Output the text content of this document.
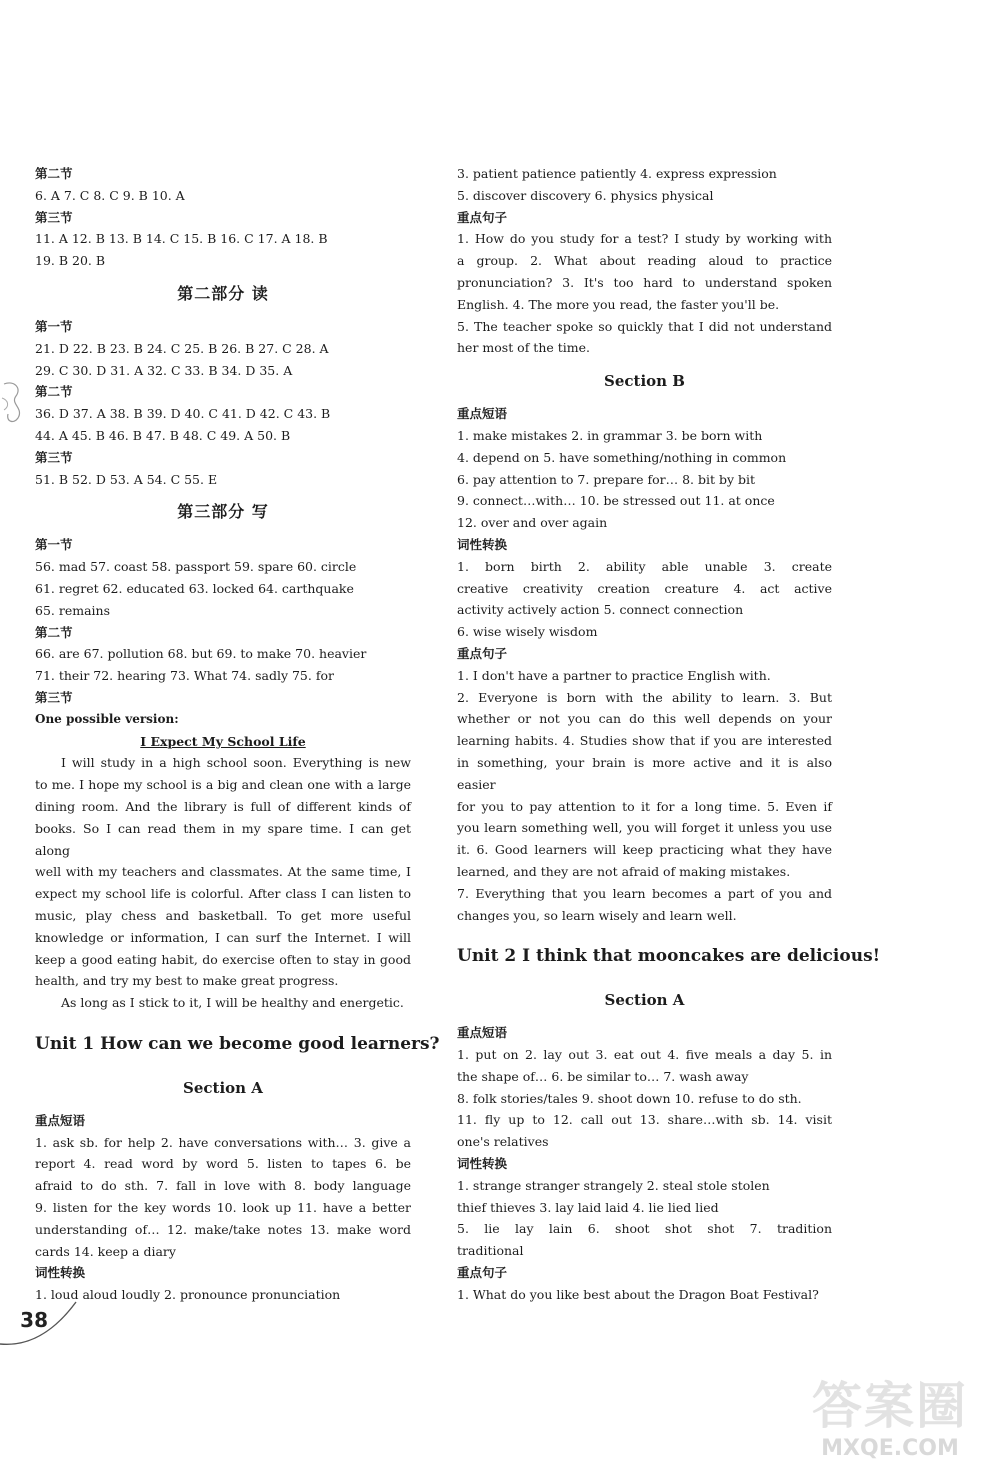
第二节
6. A 7. C 8. C 9. B 10. A
第三节
11. A 12. B 13. B 14. C 15. B 16. C 17. A 18. B
19. B 20. B
第二部分 读
第一节
21. D 22. B 23. B 24. C 25. B 26. B 27. C 28. A
29. C 30. D 31. A 32. C 33. B 34. D 35. A
第二节
36. D 37. A 38. B 39. D 40. C 41. D 42. C 43. B
44. A 45. B 46. B 47. B 48. C 49. A 50. B
第三节
51. B 52. D 53. A 54. C 55. E
第三部分 写
第一节
56. mad 57. coast 58. passport 59. spare 60. circle
61. regret 62. educated 63. locked 64. carthquake
65. remains
第二节
66. are 67. pollution 68. but 69. to make 70. heavier
71. their 72. hearing 73. What 74. sadly 75. for
第三节
One possible version:
I Expect My School Life
I will study in a high school soon. Everything is new
to me. I hope my school is a big and clean one with a large
dining room. And the library is full of different kinds of
books. So I can read them in my spare time. I can get along
well with my teachers and classmates. At the same time, I
expect my school life is colorful. After class I can listen to
music, play chess and basketball. To get more useful
knowledge or information, I can surf the Internet. I will
keep a good eating habit, do exercise often to stay in good
health, and try my best to make great progress.
As long as I stick to it, I will be healthy and energetic.
Unit 1 How can we become good learners?
Section A
重点短语
1. ask sb. for help 2. have conversations with… 3. give a
report 4. read word by word 5. listen to tapes 6. be
afraid to do sth. 7. fall in love with 8. body language
9. listen for the key words 10. look up 11. have a better
understanding of… 12. make/take notes 13. make word
cards 14. keep a diary
词性转换
1. loud aloud loudly 2. pronounce pronunciation
3. patient patience patiently 4. express expression
5. discover discovery 6. physics physical
重点句子
1. How do you study for a test? I study by working with
a group. 2. What about reading aloud to practice
pronunciation? 3. It's too hard to understand spoken
English. 4. The more you read, the faster you'll be.
5. The teacher spoke so quickly that I did not understand
her most of the time.
Section B
重点短语
1. make mistakes 2. in grammar 3. be born with
4. depend on 5. have something/nothing in common
6. pay attention to 7. prepare for… 8. bit by bit
9. connect…with… 10. be stressed out 11. at once
12. over and over again
词性转换
1. born birth 2. ability able unable 3. create
creative creativity creation creature 4. act active
activity actively action 5. connect connection
6. wise wisely wisdom
重点句子
1. I don't have a partner to practice English with.
2. Everyone is born with the ability to learn. 3. But
whether or not you can do this well depends on your
learning habits. 4. Studies show that if you are interested
in something, your brain is more active and it is also easier
for you to pay attention to it for a long time. 5. Even if
you learn something well, you will forget it unless you use
it. 6. Good learners will keep practicing what they have
learned, and they are not afraid of making mistakes.
7. Everything that you learn becomes a part of you and
changes you, so learn wisely and learn well.
Unit 2 I think that mooncakes are delicious!
Section A
重点短语
1. put on 2. lay out 3. eat out 4. five meals a day 5. in
the shape of… 6. be similar to… 7. wash away
8. folk stories/tales 9. shoot down 10. refuse to do sth.
11. fly up to 12. call out 13. share…with sb. 14. visit
one's relatives
词性转换
1. strange stranger strangely 2. steal stole stolen
thief thieves 3. lay laid laid 4. lie lied lied
5. lie lay lain 6. shoot shot shot 7. tradition
traditional
重点句子
1. What do you like best about the Dragon Boat Festival?
38
答案圈
MXQE.COM
